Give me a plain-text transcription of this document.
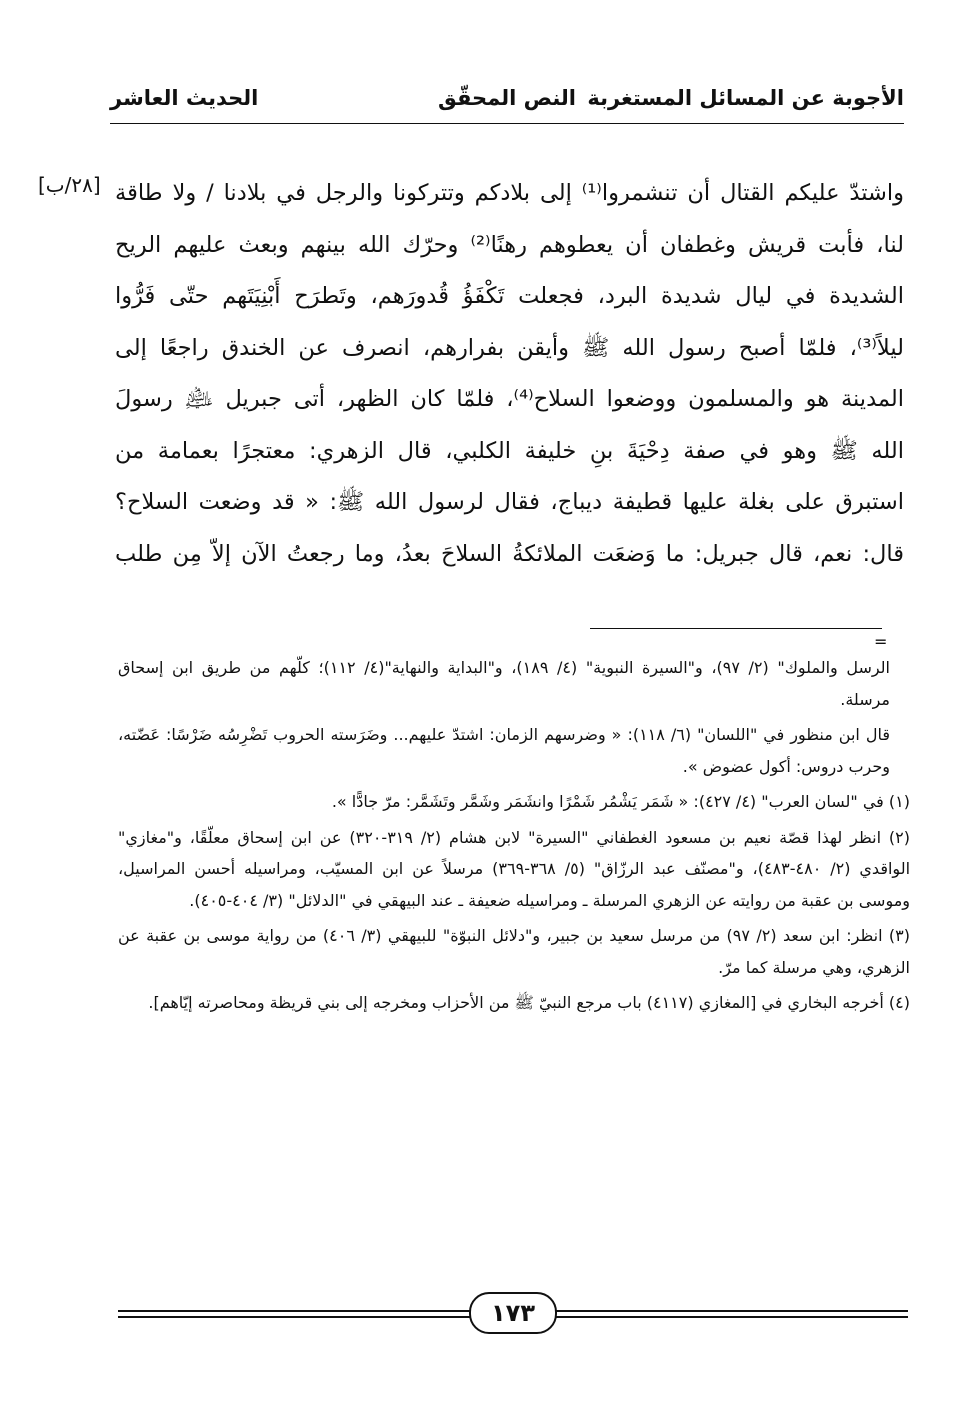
الأجوبة عن المسائل المستغربة
النص المحقّق
الحديث العاشر
[٢٨/ب] واشتدّ عليكم القتال أن تنشمروا⁽¹⁾ إلى بلادكم وتتركونا والرجل في بلادنا / ولا طاقة

لنا، فأبت قريش وغطفان أن يعطوهم رهنًا⁽²⁾ وحرّك الله بينهم وبعث عليهم الريح

الشديدة في ليال شديدة البرد، فجعلت تَكْفَؤُ قُدورَهم، وتَطرَح أَبْنِيَتَهم حتّى فَرُّوا

ليلاً⁽³⁾، فلمّا أصبح رسول الله ﷺ وأيقن بفرارهم، انصرف عن الخندق راجعًا إلى

المدينة هو والمسلمون ووضعوا السلاح⁽⁴⁾، فلمّا كان الظهر، أتى جبريل ﵇ رسولَ

الله ﷺ وهو في صفة دِحْيَةَ بنِ خليفة الكلبي، قال الزهري: معتجرًا بعمامة من

استبرق على بغلة عليها قطيفة ديباج، فقال لرسول الله ﷺ: « قد وضعت السلاح؟

قال: نعم، قال جبريل: ما وَضعَت الملائكةُ السلاحَ بعدُ، وما رجعتُ الآن إلاّ مِن طلب

=

الرسل والملوك" (٢/ ٩٧)، و"السيرة النبوية" (٤/ ١٨٩)، و"البداية والنهاية"(٤/ ١١٢)؛ كلّهم من طريق ابن إسحاق مرسلة.

قال ابن منظور في "اللسان" (٦/ ١١٨): « وضرسهم الزمان: اشتدّ عليهم... وضَرَسته الحروب تَضْرِسُه ضَرْسًا: عَضّته، وحرب دروس: أكول عضوض ».

(١) في "لسان العرب" (٤/ ٤٢٧): « شَمَر يَشْمُر شَمْرًا وانشَمَر وشَمَّر وتَشَمَّر: مرّ جادًّا ».

(٢) انظر لهذا قصّة نعيم بن مسعود الغطفاني "السيرة" لابن هشام (٢/ ٣١٩-٣٢٠) عن ابن إسحاق معلّقًا، و"مغازي" الواقدي (٢/ ٤٨٠-٤٨٣)، و"مصنّف عبد الرزّاق" (٥/ ٣٦٨-٣٦٩) مرسلاً عن ابن المسيّب، ومراسيله أحسن المراسيل، وموسى بن عقبة من روايته عن الزهري المرسلة ـ ومراسيله ضعيفة ـ عند البيهقي في "الدلائل" (٣/ ٤٠٤-٤٠٥).

(٣) انظر: ابن سعد (٢/ ٩٧) من مرسل سعيد بن جبير، و"دلائل النبوّة" للبيهقي (٣/ ٤٠٦) من رواية موسى بن عقبة عن الزهري، وهي مرسلة كما مرّ.

(٤) أخرجه البخاري في [المغازي (٤١١٧) باب مرجع النبيّ ﷺ من الأحزاب ومخرجه إلى بني قريظة ومحاصرته إيّاهم].

١٧٣
